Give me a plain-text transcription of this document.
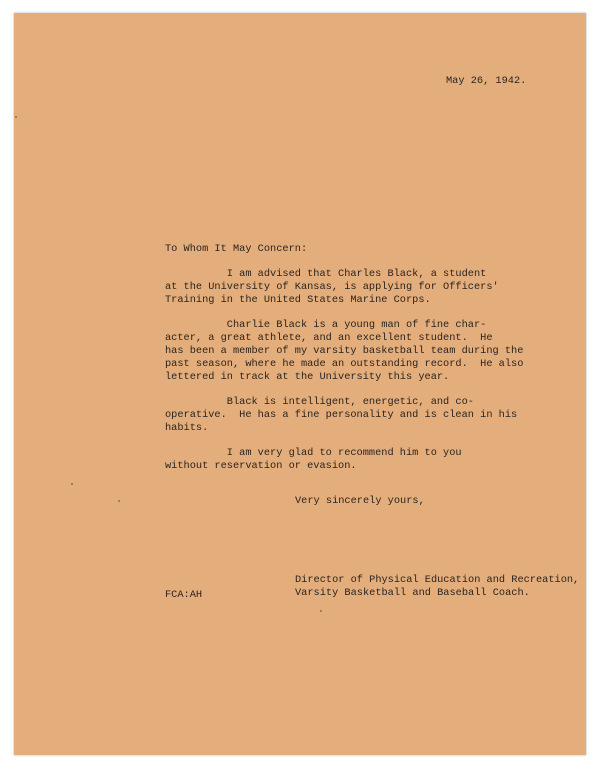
May 26, 1942.
To Whom It May Concern:
I am advised that Charles Black, a student
at the University of Kansas, is applying for Officers'
Training in the United States Marine Corps.
Charlie Black is a young man of fine char-
acter, a great athlete, and an excellent student.  He
has been a member of my varsity basketball team during the
past season, where he made an outstanding record.  He also
lettered in track at the University this year.
Black is intelligent, energetic, and co-
operative.  He has a fine personality and is clean in his
habits.
I am very glad to recommend him to you
without reservation or evasion.
Very sincerely yours,
FCA:AH
Director of Physical Education and Recreation,
Varsity Basketball and Baseball Coach.
